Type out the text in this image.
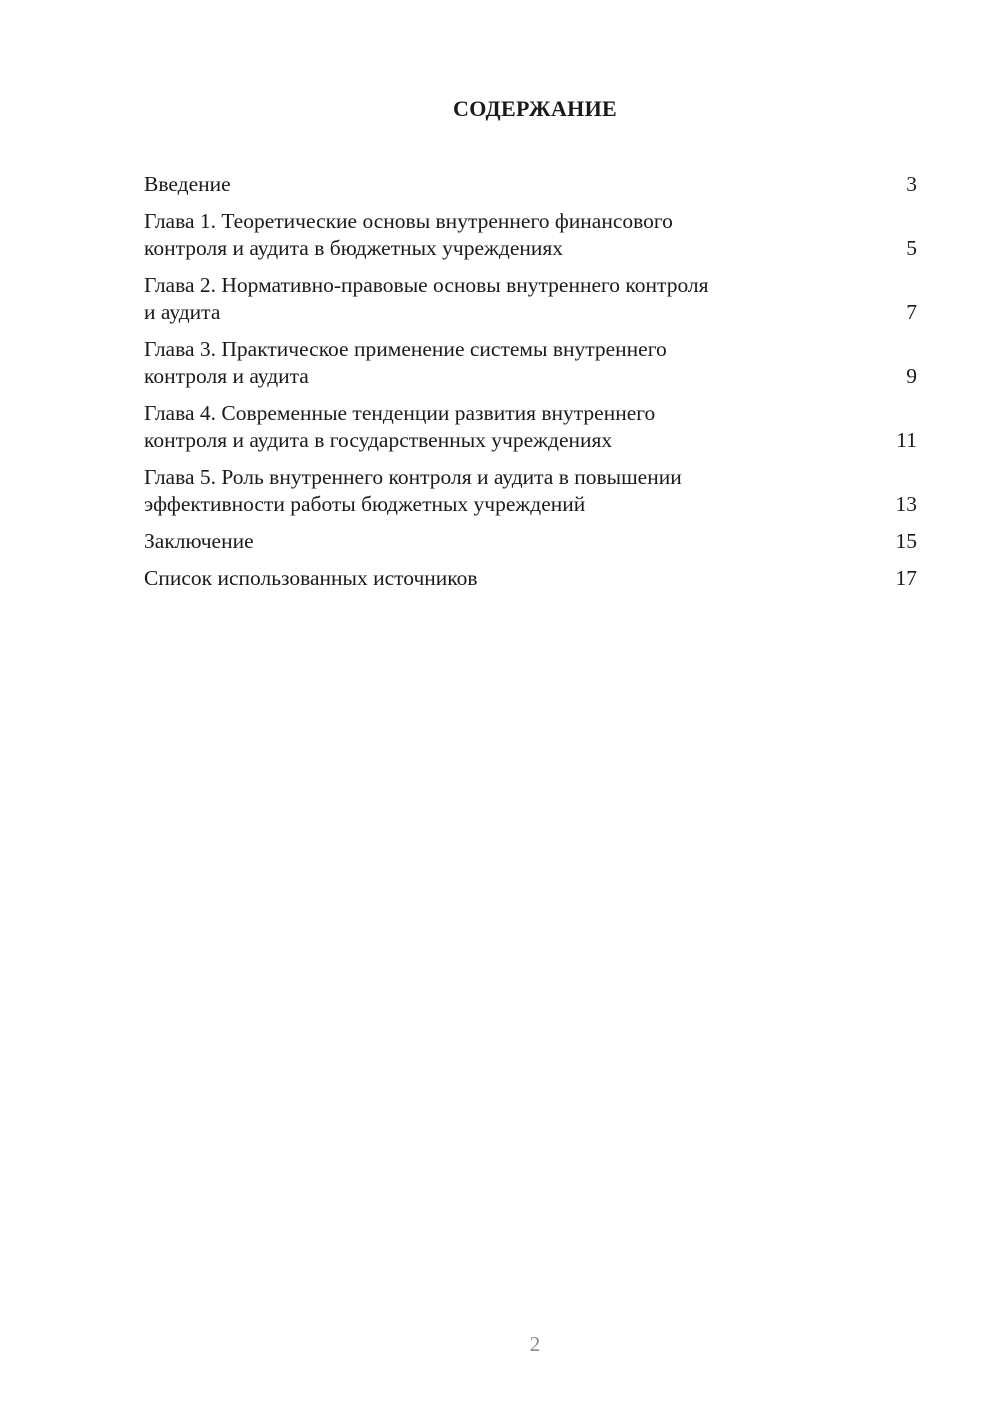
СОДЕРЖАНИЕ
Введение	3
Глава 1. Теоретические основы внутреннего финансового
контроля и аудита в бюджетных учреждениях	5
Глава 2. Нормативно-правовые основы внутреннего контроля
и аудита	7
Глава 3. Практическое применение системы внутреннего
контроля и аудита	9
Глава 4. Современные тенденции развития внутреннего
контроля и аудита в государственных учреждениях	11
Глава 5. Роль внутреннего контроля и аудита в повышении
эффективности работы бюджетных учреждений	13
Заключение	15
Список использованных источников	17
2
